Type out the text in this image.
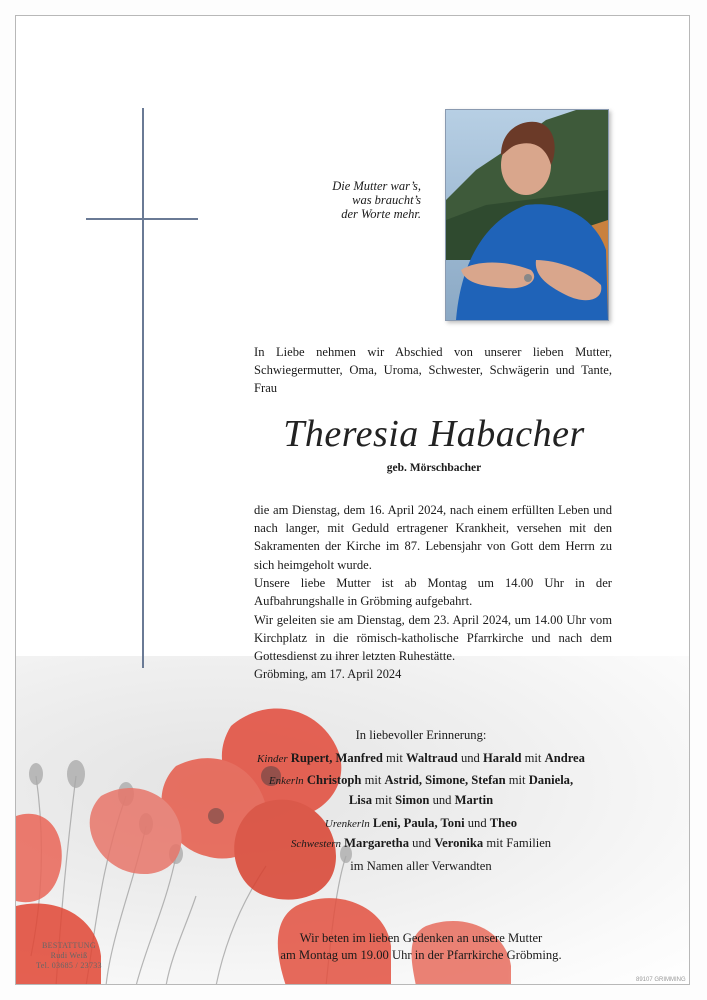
Die Mutter war’s,
was braucht’s
der Worte mehr.
In Liebe nehmen wir Abschied von unserer lieben Mutter, Schwiegermutter, Oma, Uroma, Schwester, Schwägerin und Tante, Frau
Theresia Habacher
geb. Mörschbacher
die am Dienstag, dem 16. April 2024, nach einem erfüllten Leben und nach langer, mit Geduld ertragener Krankheit, versehen mit den Sakramenten der Kirche im 87. Lebensjahr von Gott dem Herrn zu sich heimgeholt wurde.
Unsere liebe Mutter ist ab Montag um 14.00 Uhr in der Aufbahrungshalle in Gröbming aufgebahrt.
Wir geleiten sie am Dienstag, dem 23. April 2024, um 14.00 Uhr vom Kirchplatz in die römisch-katholische Pfarrkirche und nach dem Gottesdienst zu ihrer letzten Ruhestätte.
Gröbming, am 17. April 2024
In liebevoller Erinnerung:
Kinder Rupert, Manfred mit Waltraud und Harald mit Andrea
Enkerln Christoph mit Astrid, Simone, Stefan mit Daniela,
Lisa mit Simon und Martin
Urenkerln Leni, Paula, Toni und Theo
Schwestern Margaretha und Veronika mit Familien
im Namen aller Verwandten
Wir beten im lieben Gedenken an unsere Mutter
am Montag um 19.00 Uhr in der Pfarrkirche Gröbming.
BESTATTUNG
Rudi Weiß
Tel. 03685 / 23733
89107 GRIMMING
